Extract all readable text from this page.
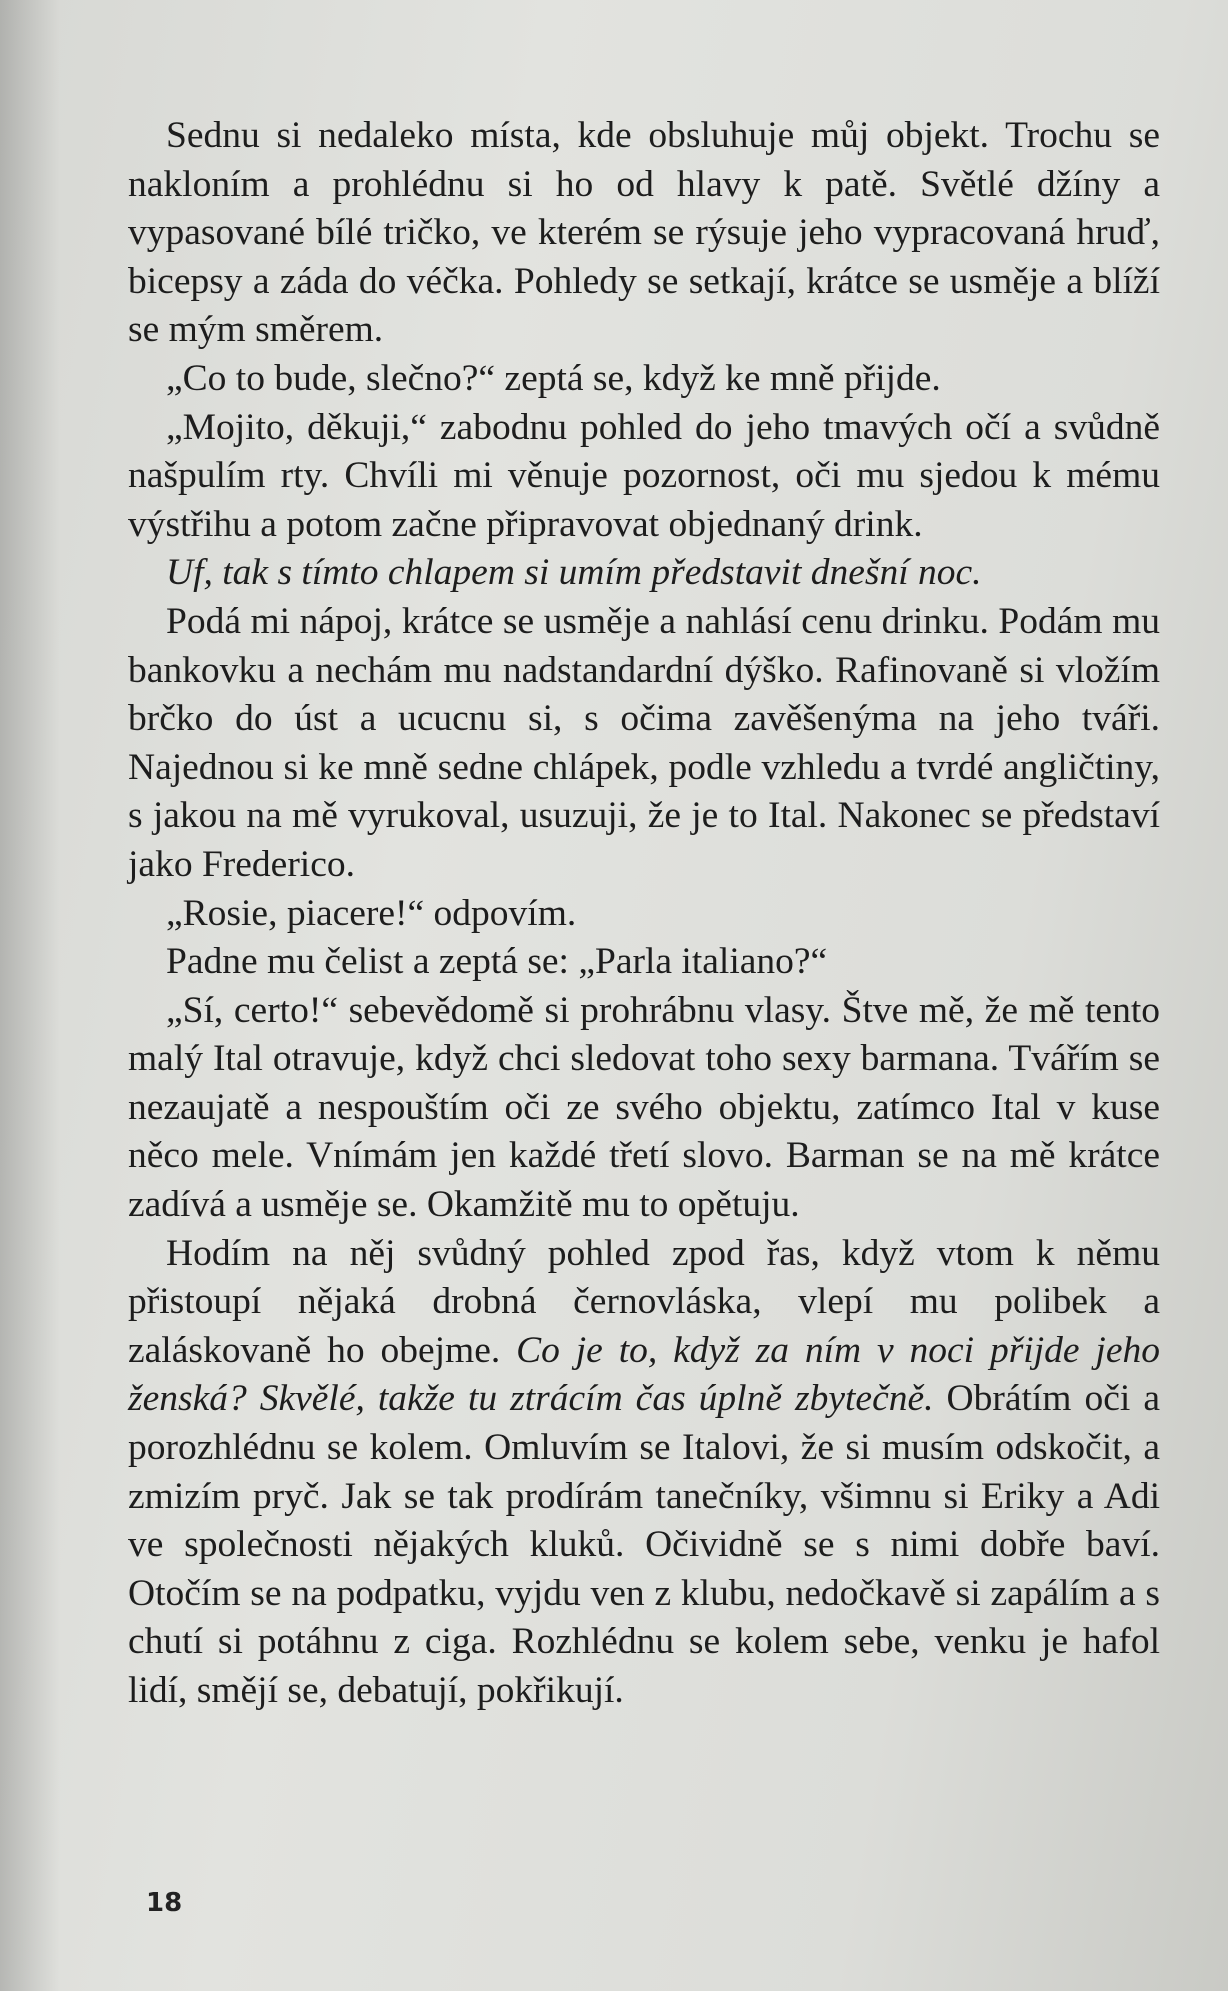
Sednu si nedaleko místa, kde obsluhuje můj objekt. Trochu se nakloním a prohlédnu si ho od hlavy k patě. Světlé džíny a vypasované bílé tričko, ve kterém se rýsuje jeho vypracovaná hruď, bicepsy a záda do véčka. Pohledy se setkají, krátce se usměje a blíží se mým směrem.

„Co to bude, slečno?“ zeptá se, když ke mně přijde.

„Mojito, děkuji,“ zabodnu pohled do jeho tmavých očí a svůdně našpulím rty. Chvíli mi věnuje pozornost, oči mu sjedou k mému výstřihu a potom začne připravovat objednaný drink.

Uf, tak s tímto chlapem si umím představit dnešní noc.

Podá mi nápoj, krátce se usměje a nahlásí cenu drinku. Podám mu bankovku a nechám mu nadstandardní dýško. Rafinovaně si vložím brčko do úst a ucucnu si, s očima zavěšenýma na jeho tváři. Najednou si ke mně sedne chlápek, podle vzhledu a tvrdé angličtiny, s jakou na mě vyrukoval, usuzuji, že je to Ital. Nakonec se představí jako Frederico.

„Rosie, piacere!“ odpovím.

Padne mu čelist a zeptá se: „Parla italiano?“

„Sí, certo!“ sebevědomě si prohrábnu vlasy. Štve mě, že mě tento malý Ital otravuje, když chci sledovat toho sexy barmana. Tvářím se nezaujatě a nespouštím oči ze svého objektu, zatímco Ital v kuse něco mele. Vnímám jen každé třetí slovo. Barman se na mě krátce zadívá a usměje se. Okamžitě mu to opětuju.

Hodím na něj svůdný pohled zpod řas, když vtom k němu přistoupí nějaká drobná černovláska, vlepí mu polibek a zaláskovaně ho obejme. Co je to, když za ním v noci přijde jeho ženská? Skvělé, takže tu ztrácím čas úplně zbytečně. Obrátím oči a porozhlédnu se kolem. Omluvím se Italovi, že si musím odskočit, a zmizím pryč. Jak se tak prodírám tanečníky, všimnu si Eriky a Adi ve společnosti nějakých kluků. Očividně se s nimi dobře baví. Otočím se na podpatku, vyjdu ven z klubu, nedočkavě si zapálím a s chutí si potáhnu z ciga. Rozhlédnu se kolem sebe, venku je hafol lidí, smějí se, debatují, pokřikují.

18
